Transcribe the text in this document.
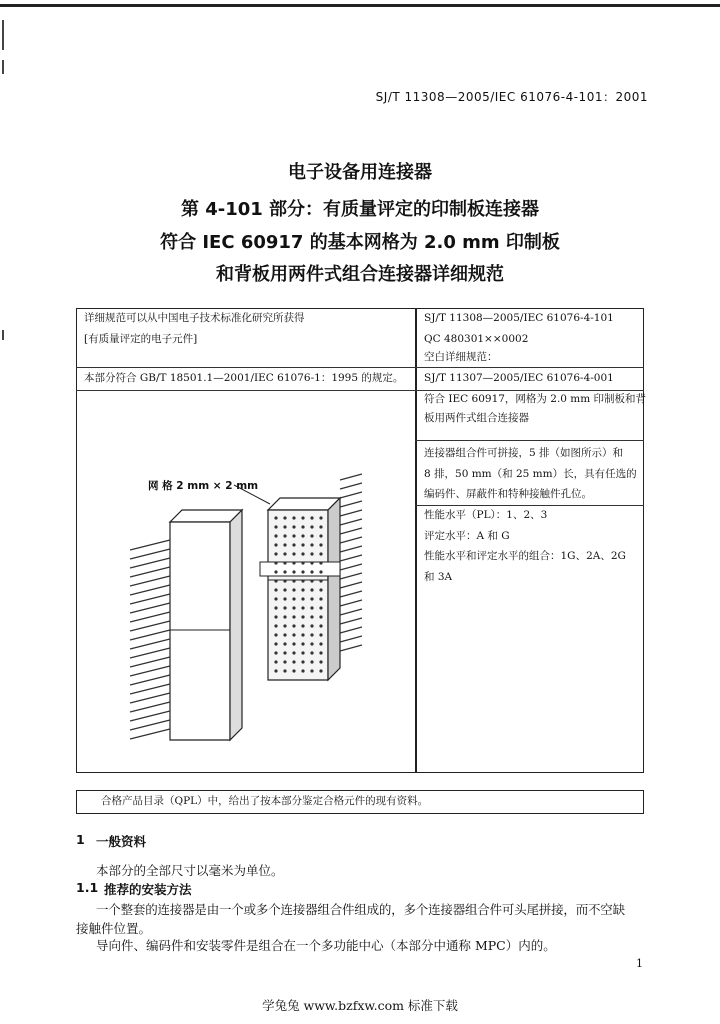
SJ/T 11308—2005/IEC 61076-4-101：2001
电子设备用连接器
第 4-101 部分：有质量评定的印制板连接器
符合 IEC 60917 的基本网格为 2.0 mm 印制板
和背板用两件式组合连接器详细规范
详细规范可以从中国电子技术标准化研究所获得
[有质量评定的电子元件]
本部分符合 GB/T 18501.1—2001/IEC 61076-1：1995 的规定。
SJ/T 11308—2005/IEC 61076-4-101
QC 480301××0002
空白详细规范：
SJ/T 11307—2005/IEC 61076-4-001
符合 IEC 60917，网格为 2.0 mm 印制板和背
板用两件式组合连接器
连接器组合件可拼接，5 排（如图所示）和
8 排，50 mm（和 25 mm）长，具有任选的
编码件、屏蔽件和特种接触件孔位。
性能水平（PL）：1、2、3
评定水平：A 和 G
性能水平和评定水平的组合：1G、2A、2G
和 3A
网 格 2 mm × 2 mm
合格产品目录（QPL）中，给出了按本部分鉴定合格元件的现有资料。
1 一般资料
本部分的全部尺寸以毫米为单位。
1.1 推荐的安装方法
一个整套的连接器是由一个或多个连接器组合件组成的，多个连接器组合件可头尾拼接，而不空缺
接触件位置。
导向件、编码件和安装零件是组合在一个多功能中心（本部分中通称 MPC）内的。
1
学兔兔 www.bzfxw.com 标准下载
